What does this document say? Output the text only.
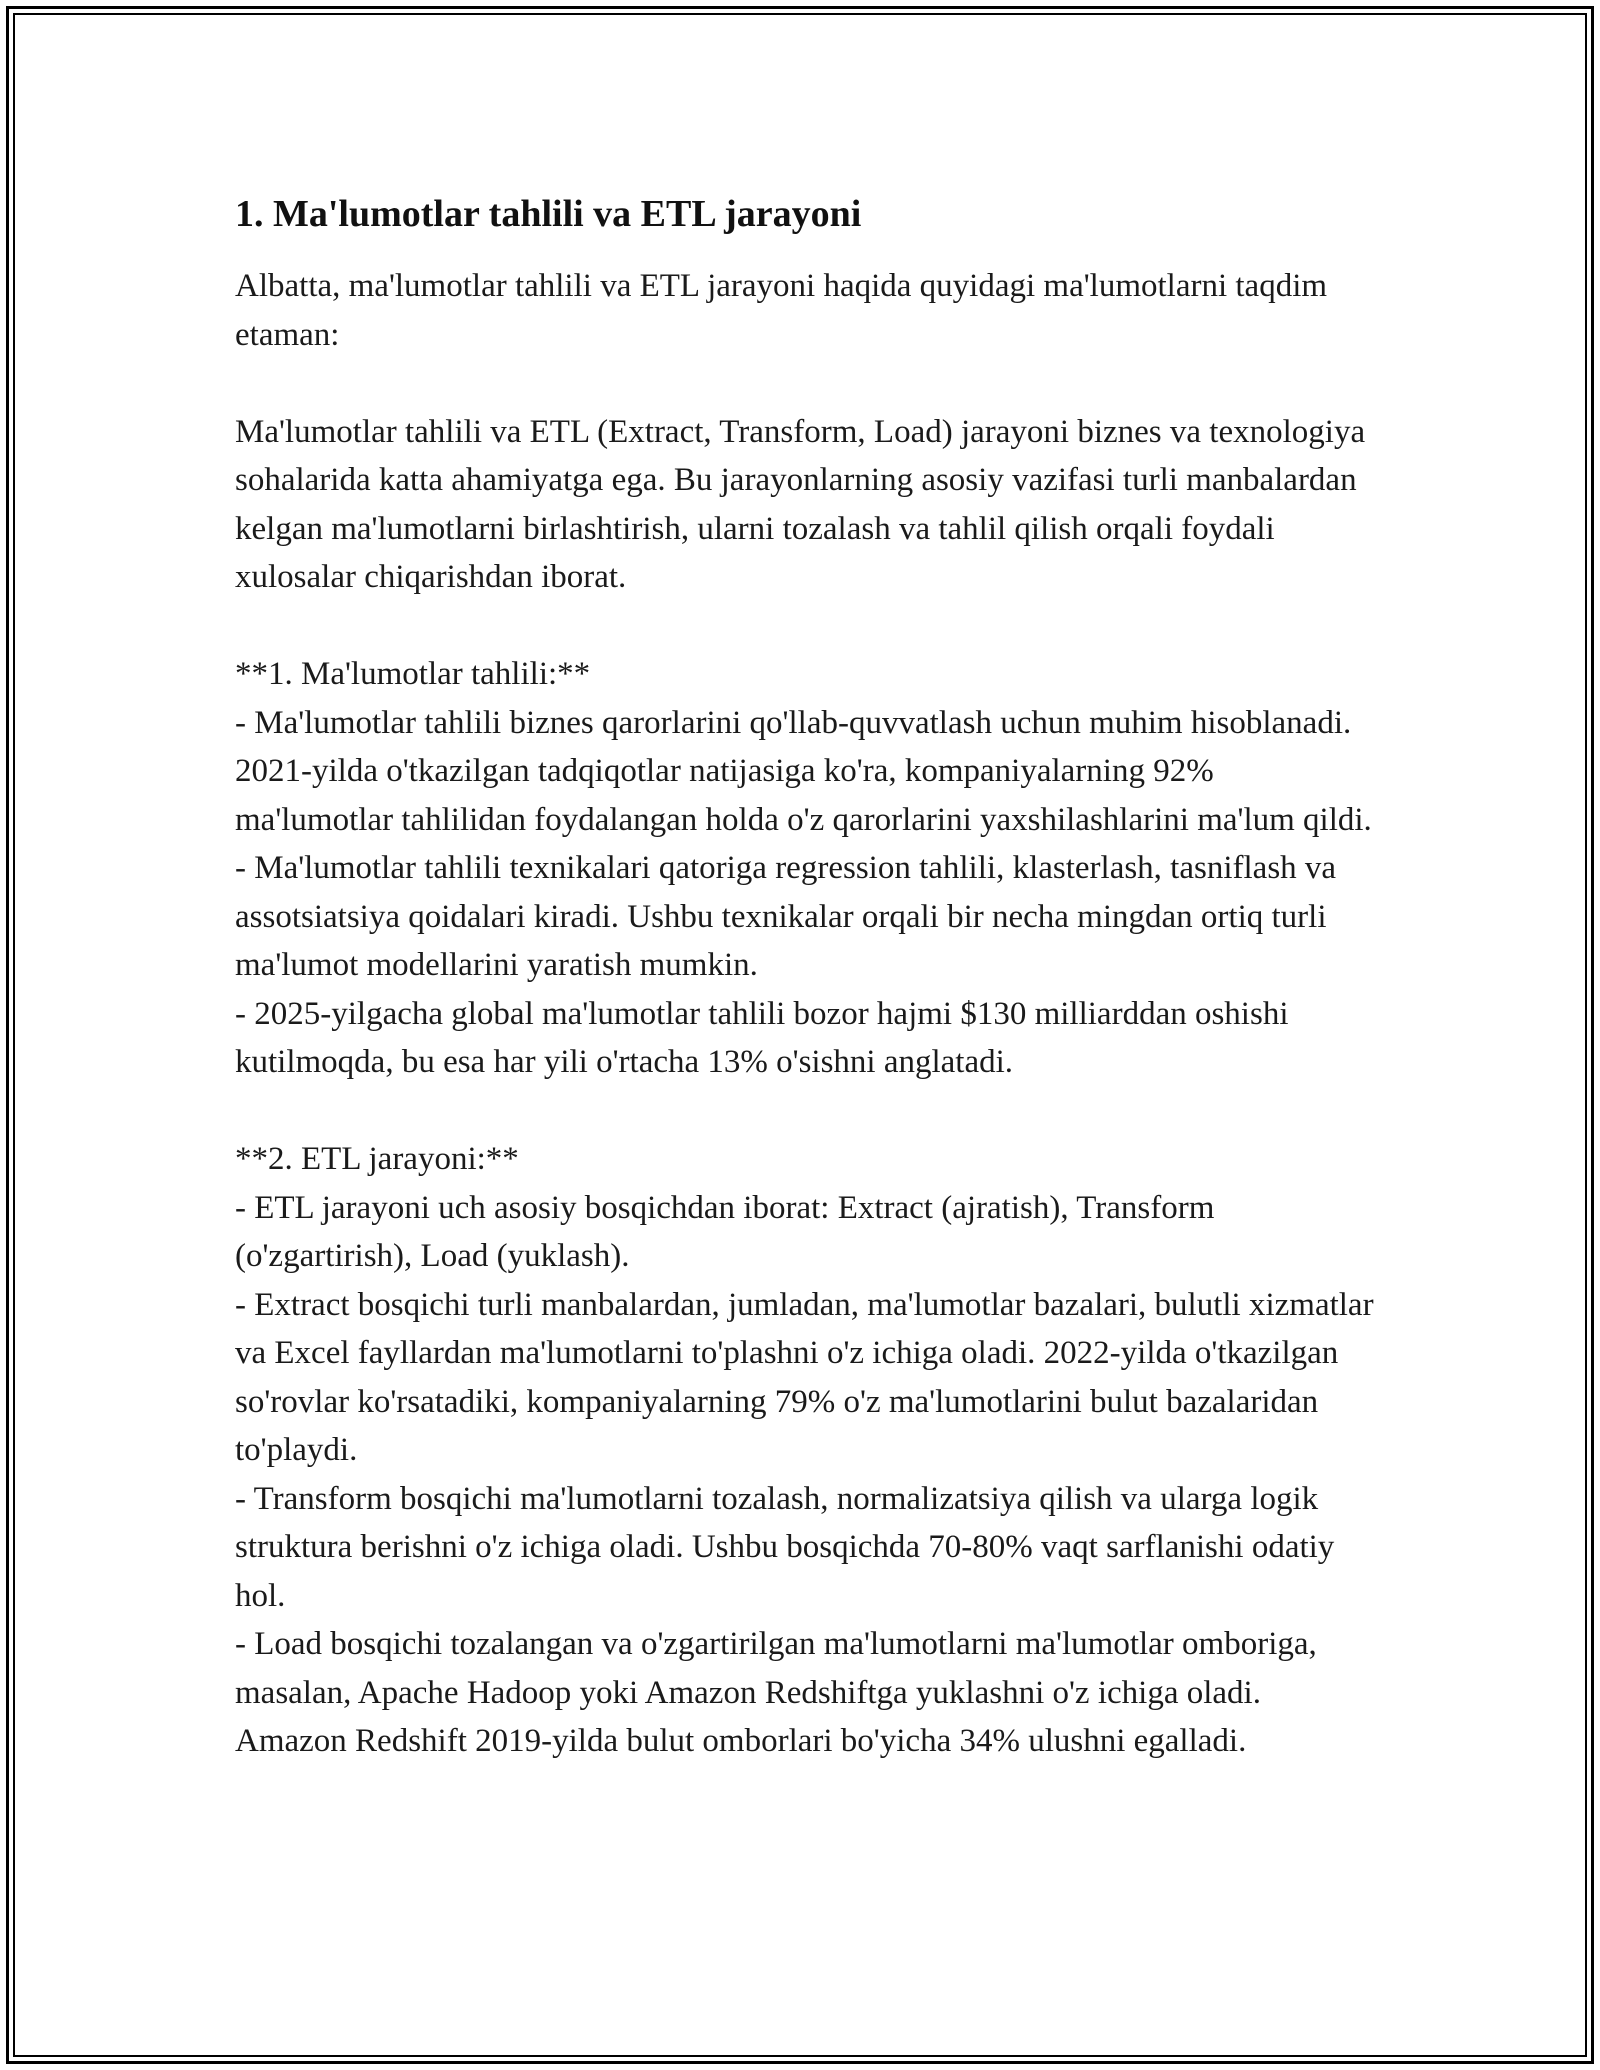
1. Ma'lumotlar tahlili va ETL jarayoni

Albatta, ma'lumotlar tahlili va ETL jarayoni haqida quyidagi ma'lumotlarni taqdim etaman:

Ma'lumotlar tahlili va ETL (Extract, Transform, Load) jarayoni biznes va texnologiya sohalarida katta ahamiyatga ega. Bu jarayonlarning asosiy vazifasi turli manbalardan kelgan ma'lumotlarni birlashtirish, ularni tozalash va tahlil qilish orqali foydali xulosalar chiqarishdan iborat.

**1. Ma'lumotlar tahlili:**

- Ma'lumotlar tahlili biznes qarorlarini qo'llab-quvvatlash uchun muhim hisoblanadi. 2021-yilda o'tkazilgan tadqiqotlar natijasiga ko'ra, kompaniyalarning 92% ma'lumotlar tahlilidan foydalangan holda o'z qarorlarini yaxshilashlarini ma'lum qildi.

- Ma'lumotlar tahlili texnikalari qatoriga regression tahlili, klasterlash, tasniflash va assotsiatsiya qoidalari kiradi. Ushbu texnikalar orqali bir necha mingdan ortiq turli ma'lumot modellarini yaratish mumkin.

- 2025-yilgacha global ma'lumotlar tahlili bozor hajmi $130 milliarddan oshishi kutilmoqda, bu esa har yili o'rtacha 13% o'sishni anglatadi.

**2. ETL jarayoni:**

- ETL jarayoni uch asosiy bosqichdan iborat: Extract (ajratish), Transform (o'zgartirish), Load (yuklash).

- Extract bosqichi turli manbalardan, jumladan, ma'lumotlar bazalari, bulutli xizmatlar va Excel fayllardan ma'lumotlarni to'plashni o'z ichiga oladi. 2022-yilda o'tkazilgan so'rovlar ko'rsatadiki, kompaniyalarning 79% o'z ma'lumotlarini bulut bazalaridan to'playdi.

- Transform bosqichi ma'lumotlarni tozalash, normalizatsiya qilish va ularga logik struktura berishni o'z ichiga oladi. Ushbu bosqichda 70-80% vaqt sarflanishi odatiy hol.

- Load bosqichi tozalangan va o'zgartirilgan ma'lumotlarni ma'lumotlar omboriga, masalan, Apache Hadoop yoki Amazon Redshiftga yuklashni o'z ichiga oladi. Amazon Redshift 2019-yilda bulut omborlari bo'yicha 34% ulushni egalladi.
